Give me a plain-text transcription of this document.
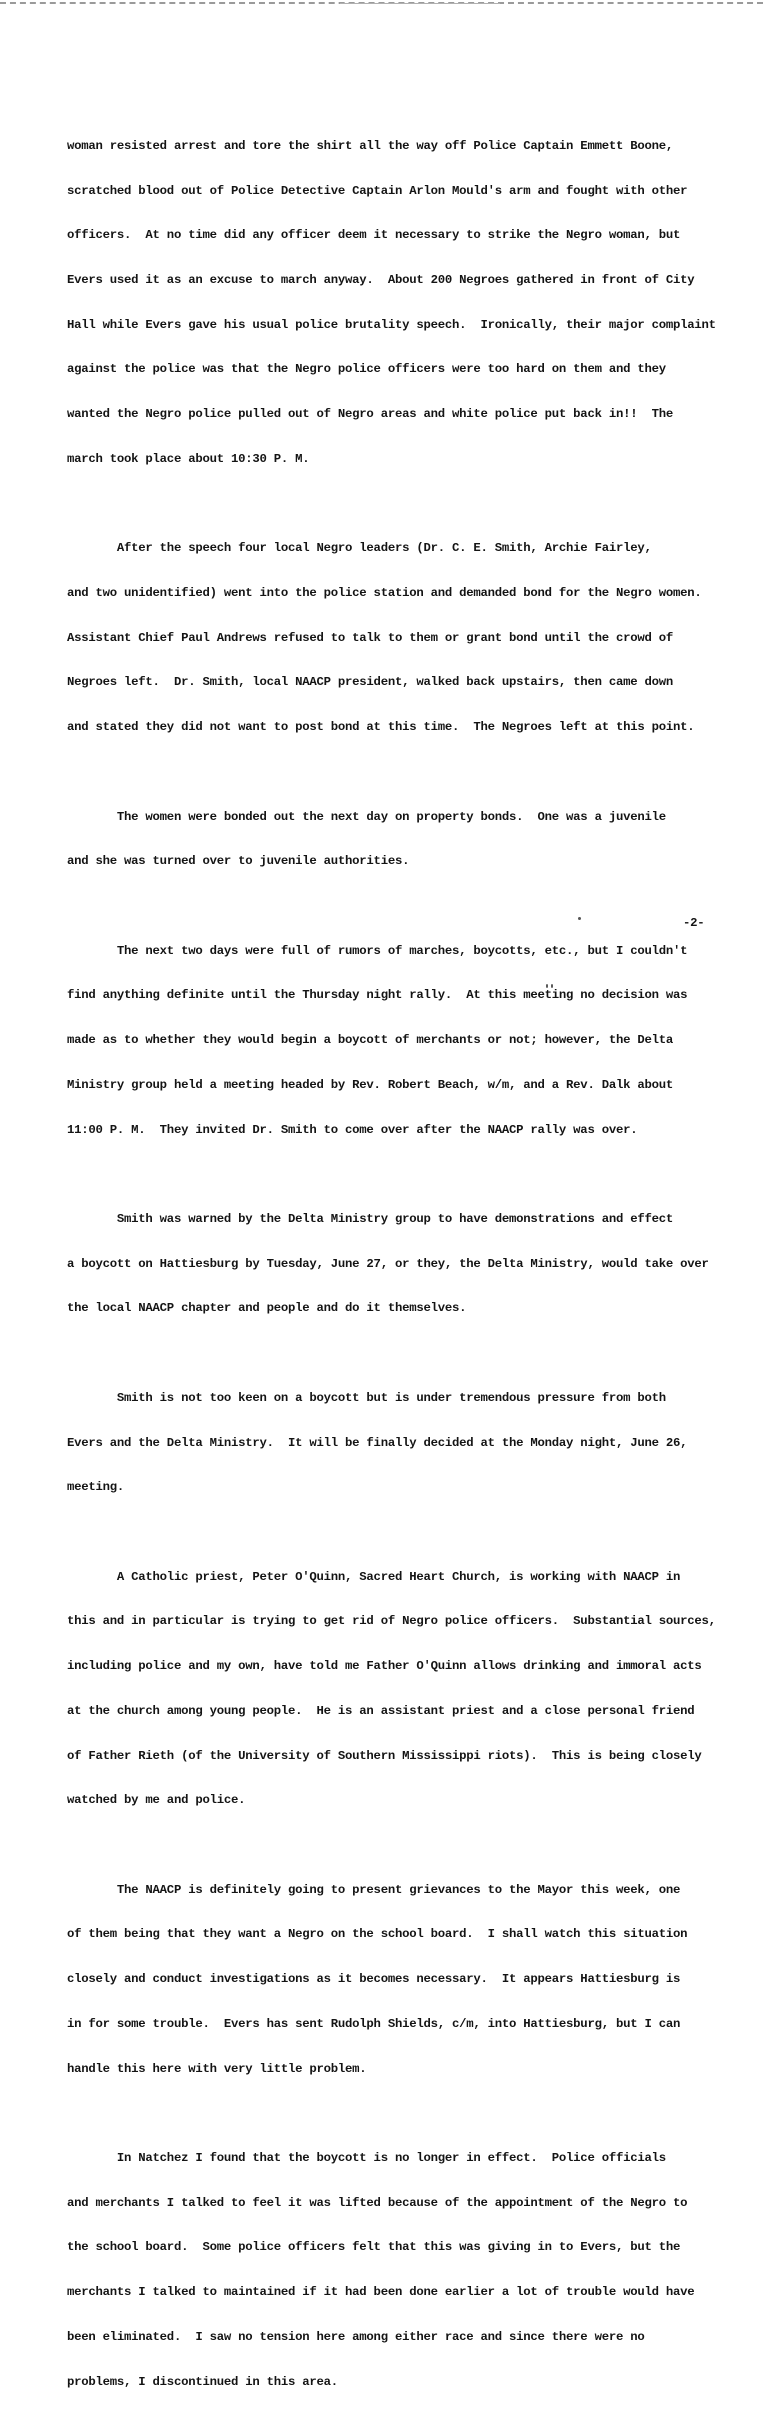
woman resisted arrest and tore the shirt all the way off Police Captain Emmett Boone,

scratched blood out of Police Detective Captain Arlon Mould's arm and fought with other

officers.  At no time did any officer deem it necessary to strike the Negro woman, but

Evers used it as an excuse to march anyway.  About 200 Negroes gathered in front of City

Hall while Evers gave his usual police brutality speech.  Ironically, their major complaint

against the police was that the Negro police officers were too hard on them and they

wanted the Negro police pulled out of Negro areas and white police put back in!!  The

march took place about 10:30 P. M.

After the speech four local Negro leaders (Dr. C. E. Smith, Archie Fairley,

and two unidentified) went into the police station and demanded bond for the Negro women.

Assistant Chief Paul Andrews refused to talk to them or grant bond until the crowd of

Negroes left.  Dr. Smith, local NAACP president, walked back upstairs, then came down

and stated they did not want to post bond at this time.  The Negroes left at this point.

The women were bonded out the next day on property bonds.  One was a juvenile

and she was turned over to juvenile authorities.

The next two days were full of rumors of marches, boycotts, etc., but I couldn't

find anything definite until the Thursday night rally.  At this meeting no decision was

made as to whether they would begin a boycott of merchants or not; however, the Delta

Ministry group held a meeting headed by Rev. Robert Beach, w/m, and a Rev. Dalk about

11:00 P. M.  They invited Dr. Smith to come over after the NAACP rally was over.

Smith was warned by the Delta Ministry group to have demonstrations and effect

a boycott on Hattiesburg by Tuesday, June 27, or they, the Delta Ministry, would take over

the local NAACP chapter and people and do it themselves.

Smith is not too keen on a boycott but is under tremendous pressure from both

Evers and the Delta Ministry.  It will be finally decided at the Monday night, June 26,

meeting.

A Catholic priest, Peter O'Quinn, Sacred Heart Church, is working with NAACP in

this and in particular is trying to get rid of Negro police officers.  Substantial sources,

including police and my own, have told me Father O'Quinn allows drinking and immoral acts

at the church among young people.  He is an assistant priest and a close personal friend

of Father Rieth (of the University of Southern Mississippi riots).  This is being closely

watched by me and police.

The NAACP is definitely going to present grievances to the Mayor this week, one

of them being that they want a Negro on the school board.  I shall watch this situation

closely and conduct investigations as it becomes necessary.  It appears Hattiesburg is

in for some trouble.  Evers has sent Rudolph Shields, c/m, into Hattiesburg, but I can

handle this here with very little problem.

In Natchez I found that the boycott is no longer in effect.  Police officials

and merchants I talked to feel it was lifted because of the appointment of the Negro to

the school board.  Some police officers felt that this was giving in to Evers, but the

merchants I talked to maintained if it had been done earlier a lot of trouble would have

been eliminated.  I saw no tension here among either race and since there were no

problems, I discontinued in this area.

-2-
